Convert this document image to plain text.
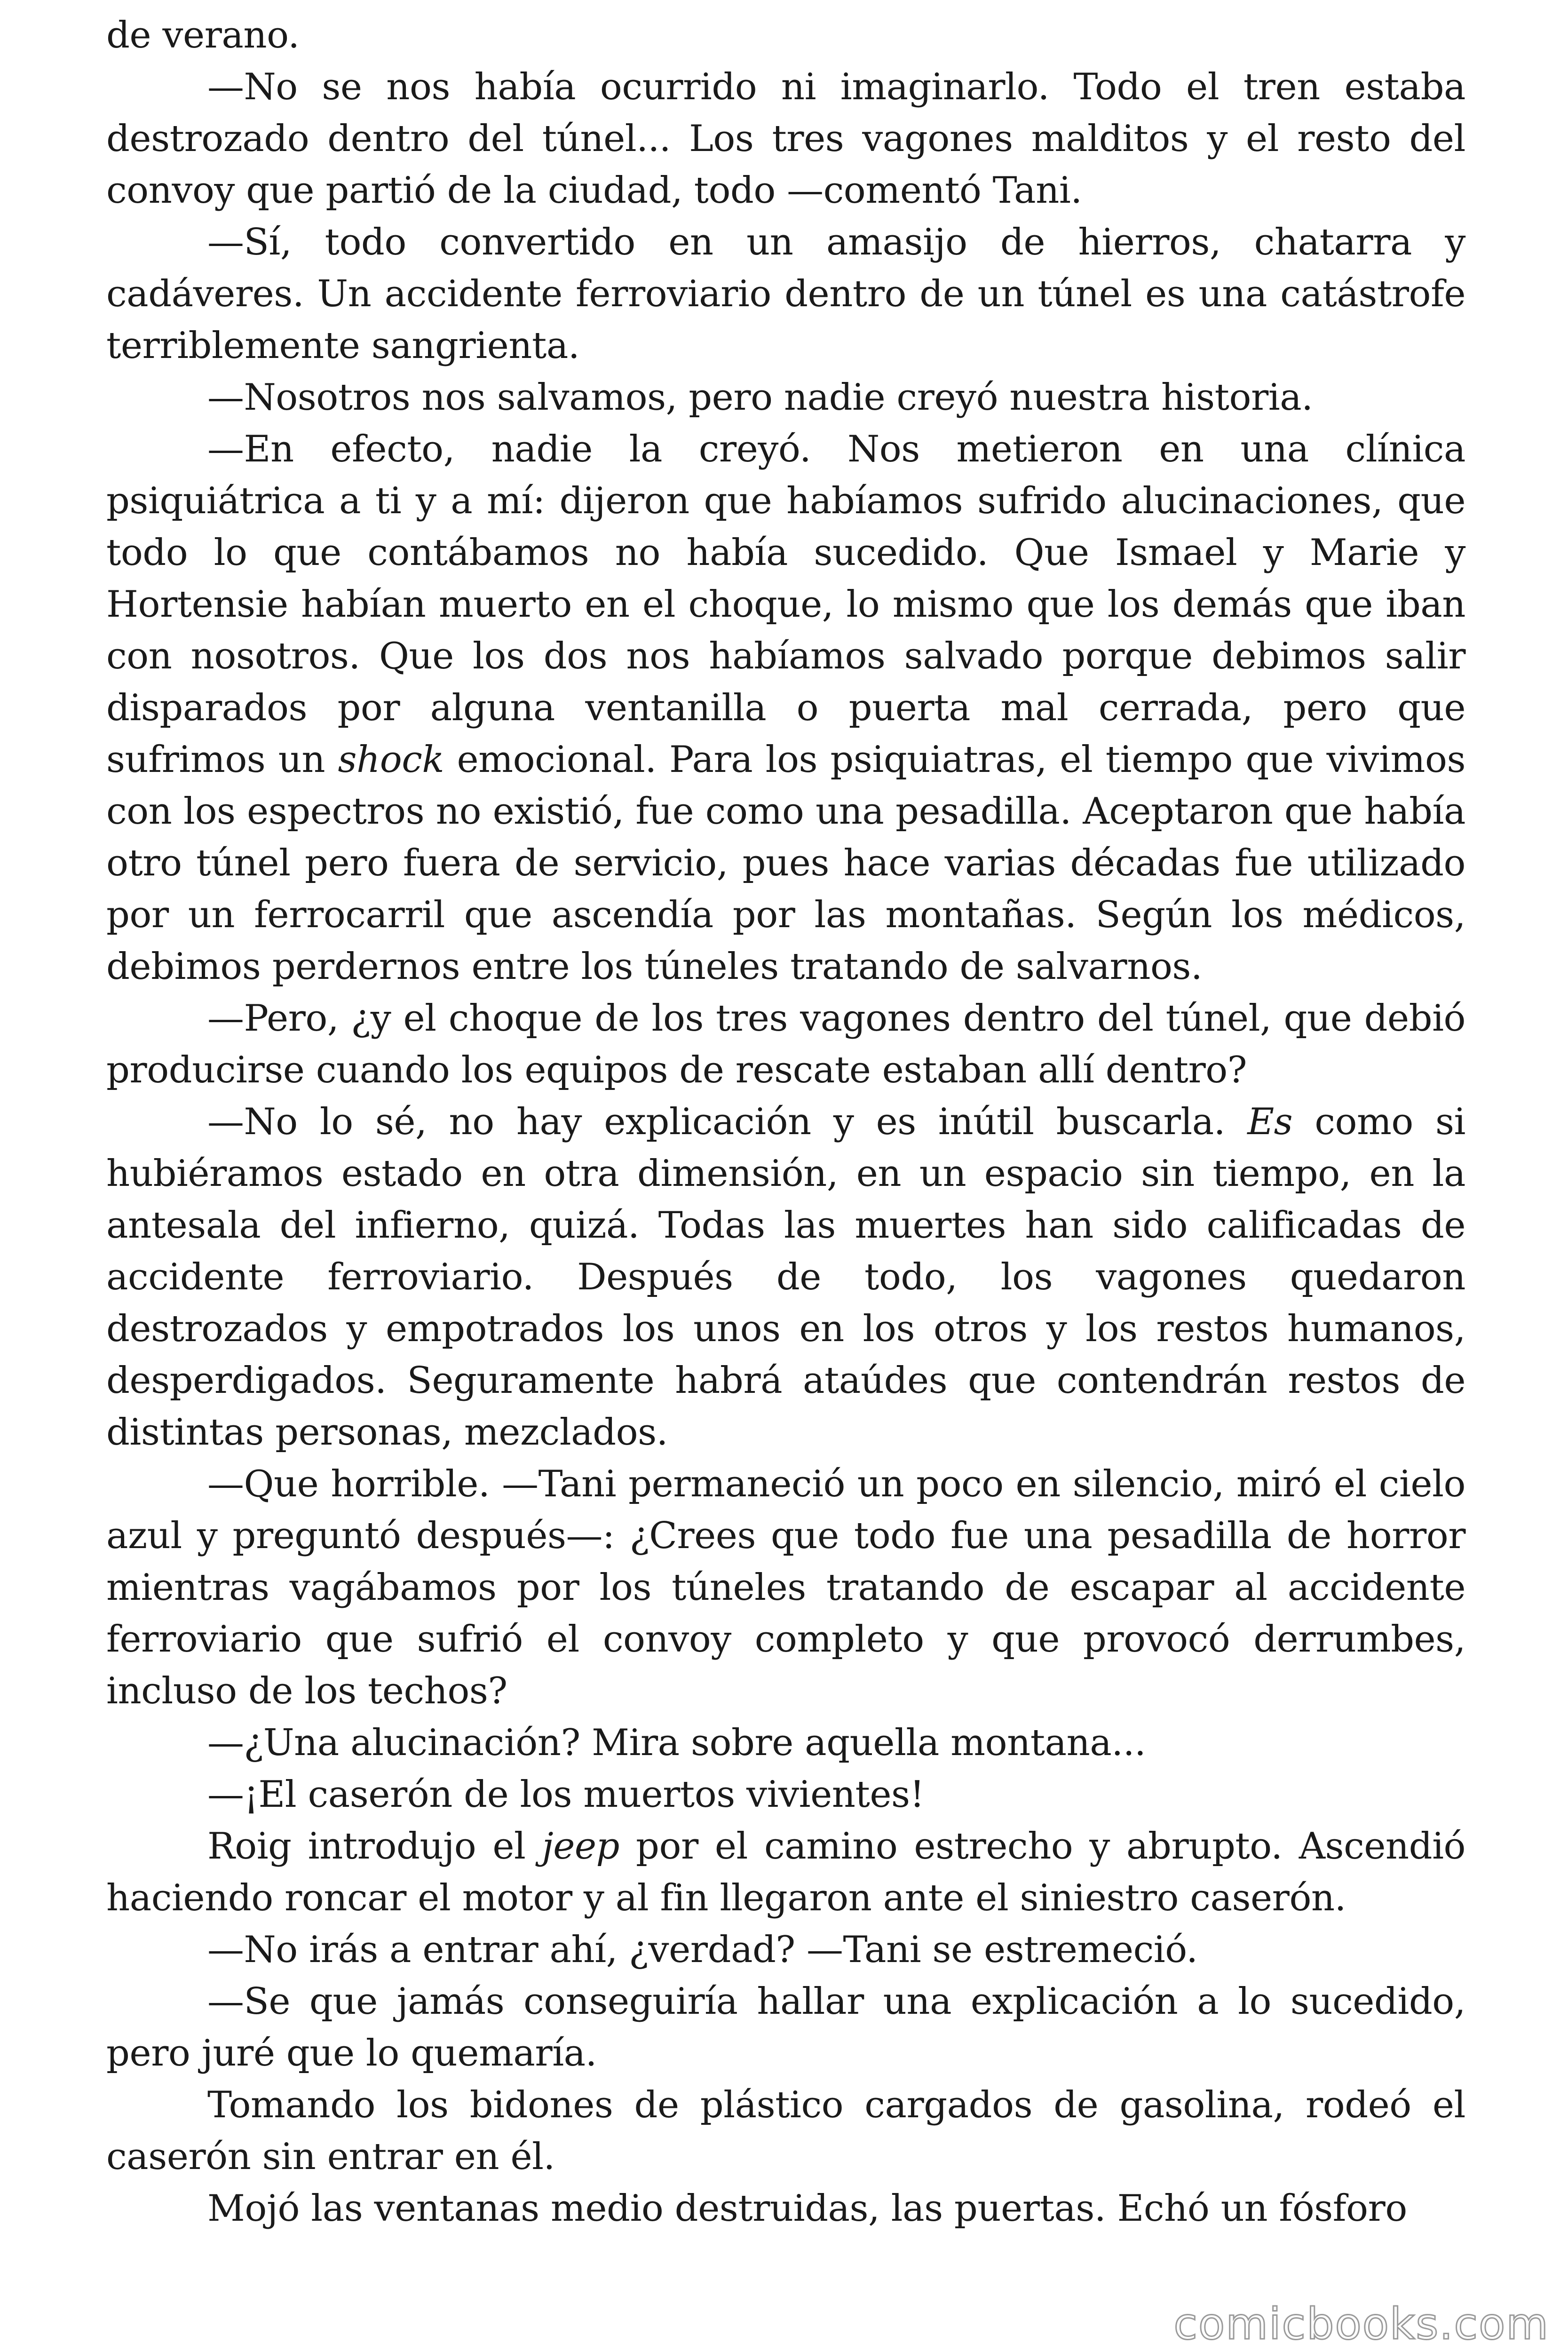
de verano.

—No se nos había ocurrido ni imaginarlo. Todo el tren estaba destrozado dentro del túnel... Los tres vagones malditos y el resto del convoy que partió de la ciudad, todo —comentó Tani.

—Sí, todo convertido en un amasijo de hierros, chatarra y cadáveres. Un accidente ferroviario dentro de un túnel es una catástrofe terriblemente sangrienta.

—Nosotros nos salvamos, pero nadie creyó nuestra historia.

—En efecto, nadie la creyó. Nos metieron en una clínica psiquiátrica a ti y a mí: dijeron que habíamos sufrido alucinaciones, que todo lo que contábamos no había sucedido. Que Ismael y Marie y Hortensie habían muerto en el choque, lo mismo que los demás que iban con nosotros. Que los dos nos habíamos salvado porque debimos salir disparados por alguna ventanilla o puerta mal cerrada, pero que sufrimos un shock emocional. Para los psiquiatras, el tiempo que vivimos con los espectros no existió, fue como una pesadilla. Aceptaron que había otro túnel pero fuera de servicio, pues hace varias décadas fue utilizado por un ferrocarril que ascendía por las montañas. Según los médicos, debimos perdernos entre los túneles tratando de salvarnos.

—Pero, ¿y el choque de los tres vagones dentro del túnel, que debió producirse cuando los equipos de rescate estaban allí dentro?

—No lo sé, no hay explicación y es inútil buscarla. Es como si hubiéramos estado en otra dimensión, en un espacio sin tiempo, en la antesala del infierno, quizá. Todas las muertes han sido calificadas de accidente ferroviario. Después de todo, los vagones quedaron destrozados y empotrados los unos en los otros y los restos humanos, desperdigados. Seguramente habrá ataúdes que contendrán restos de distintas personas, mezclados.

—Que horrible. —Tani permaneció un poco en silencio, miró el cielo azul y preguntó después—: ¿Crees que todo fue una pesadilla de horror mientras vagábamos por los túneles tratando de escapar al accidente ferroviario que sufrió el convoy completo y que provocó derrumbes, incluso de los techos?

—¿Una alucinación? Mira sobre aquella montana...

—¡El caserón de los muertos vivientes!

Roig introdujo el jeep por el camino estrecho y abrupto. Ascendió haciendo roncar el motor y al fin llegaron ante el siniestro caserón.

—No irás a entrar ahí, ¿verdad? —Tani se estremeció.

—Se que jamás conseguiría hallar una explicación a lo sucedido, pero juré que lo quemaría.

Tomando los bidones de plástico cargados de gasolina, rodeó el caserón sin entrar en él.

Mojó las ventanas medio destruidas, las puertas. Echó un fósforo

comicbooks.com
